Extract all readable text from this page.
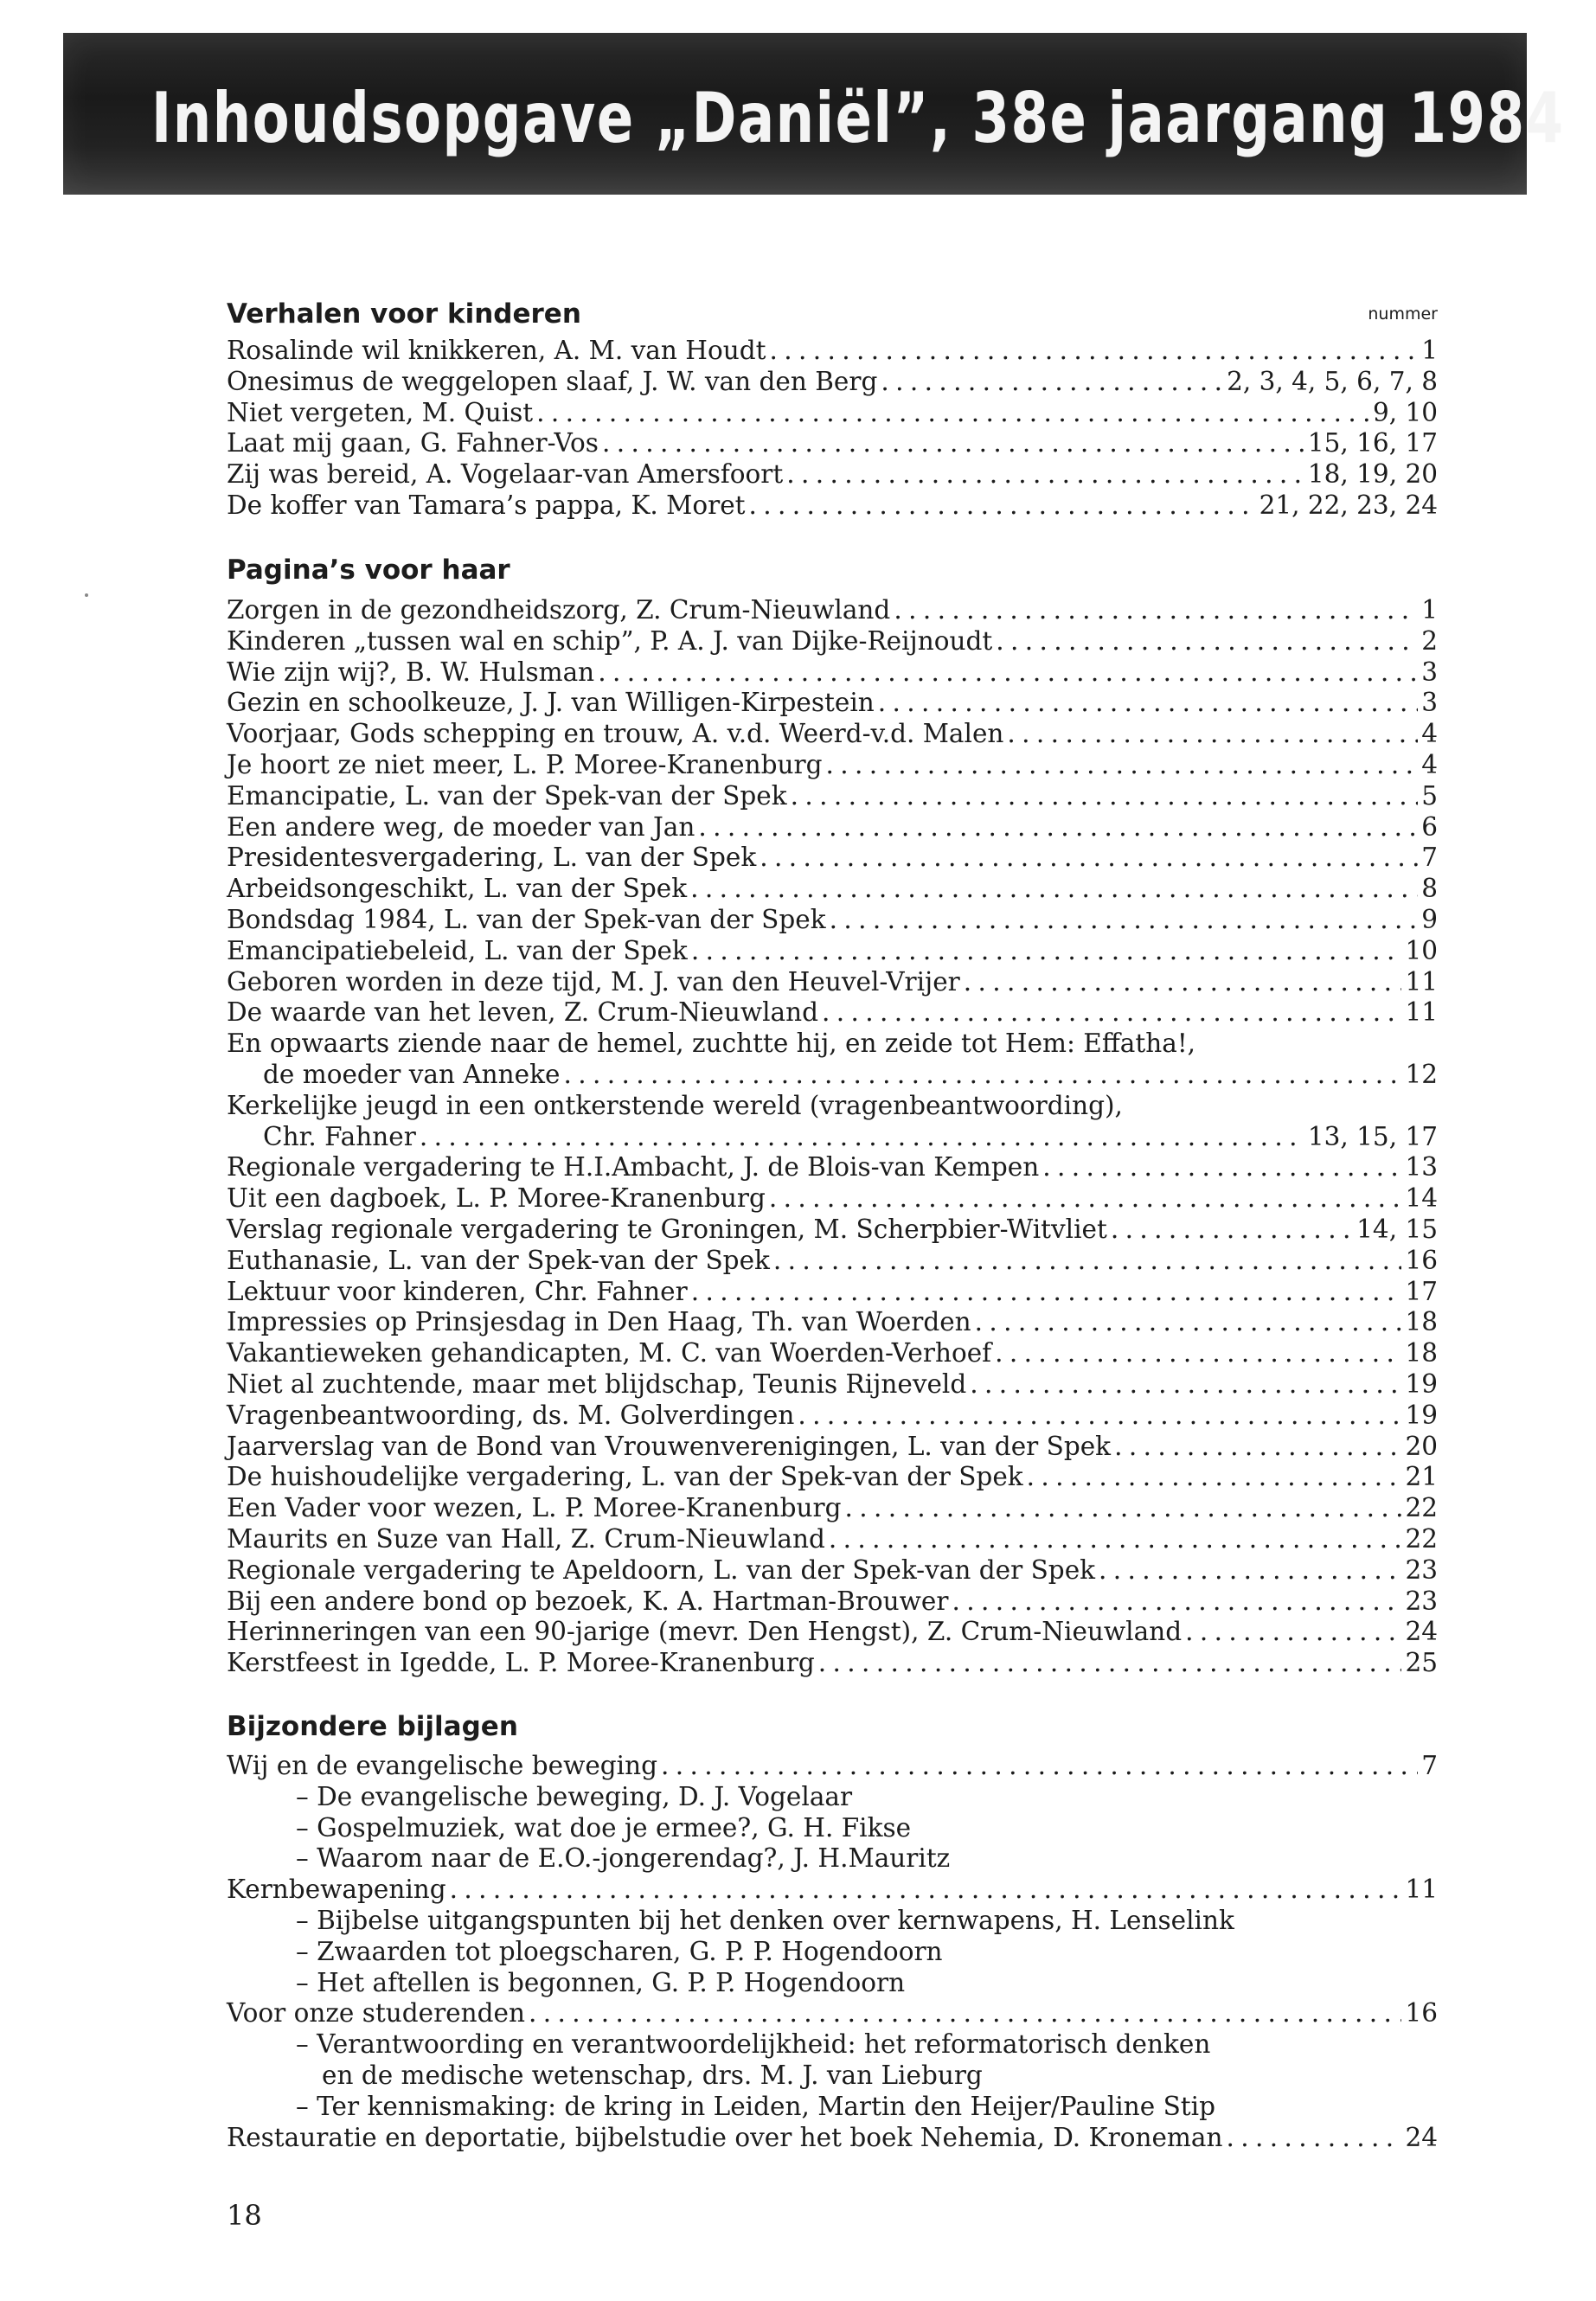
Inhoudsopgave „Daniël”, 38e jaargang 1984
Verhalen voor kinderen	nummer
Rosalinde wil knikkeren, A. M. van Houdt . . .	1
Onesimus de weggelopen slaaf, J. W. van den Berg . . .	2, 3, 4, 5, 6, 7, 8
Niet vergeten, M. Quist . . .	9, 10
Laat mij gaan, G. Fahner-Vos . . .	15, 16, 17
Zij was bereid, A. Vogelaar-van Amersfoort . . .	18, 19, 20
De koffer van Tamara’s pappa, K. Moret . . .	21, 22, 23, 24
Pagina’s voor haar
Zorgen in de gezondheidszorg, Z. Crum-Nieuwland . . .	1
Kinderen „tussen wal en schip”, P. A. J. van Dijke-Reijnoudt . . .	2
Wie zijn wij?, B. W. Hulsman . . .	3
Gezin en schoolkeuze, J. J. van Willigen-Kirpestein . . .	3
Voorjaar, Gods schepping en trouw, A. v.d. Weerd-v.d. Malen . . .	4
Je hoort ze niet meer, L. P. Moree-Kranenburg . . .	4
Emancipatie, L. van der Spek-van der Spek . . .	5
Een andere weg, de moeder van Jan . . .	6
Presidentesvergadering, L. van der Spek . . .	7
Arbeidsongeschikt, L. van der Spek . . .	8
Bondsdag 1984, L. van der Spek-van der Spek . . .	9
Emancipatiebeleid, L. van der Spek . . .	10
Geboren worden in deze tijd, M. J. van den Heuvel-Vrijer . . .	11
De waarde van het leven, Z. Crum-Nieuwland . . .	11
En opwaarts ziende naar de hemel, zuchtte hij, en zeide tot Hem: Effatha!,
de moeder van Anneke . . .	12
Kerkelijke jeugd in een ontkerstende wereld (vragenbeantwoording),
Chr. Fahner . . .	13, 15, 17
Regionale vergadering te H.I.Ambacht, J. de Blois-van Kempen . . .	13
Uit een dagboek, L. P. Moree-Kranenburg . . .	14
Verslag regionale vergadering te Groningen, M. Scherpbier-Witvliet . . .	14, 15
Euthanasie, L. van der Spek-van der Spek . . .	16
Lektuur voor kinderen, Chr. Fahner . . .	17
Impressies op Prinsjesdag in Den Haag, Th. van Woerden . . .	18
Vakantieweken gehandicapten, M. C. van Woerden-Verhoef . . .	18
Niet al zuchtende, maar met blijdschap, Teunis Rijneveld . . .	19
Vragenbeantwoording, ds. M. Golverdingen . . .	19
Jaarverslag van de Bond van Vrouwenverenigingen, L. van der Spek . . .	20
De huishoudelijke vergadering, L. van der Spek-van der Spek . . .	21
Een Vader voor wezen, L. P. Moree-Kranenburg . . .	22
Maurits en Suze van Hall, Z. Crum-Nieuwland . . .	22
Regionale vergadering te Apeldoorn, L. van der Spek-van der Spek . . .	23
Bij een andere bond op bezoek, K. A. Hartman-Brouwer . . .	23
Herinneringen van een 90-jarige (mevr. Den Hengst), Z. Crum-Nieuwland . . .	24
Kerstfeest in Igedde, L. P. Moree-Kranenburg . . .	25
Bijzondere bijlagen
Wij en de evangelische beweging . . .	7
– De evangelische beweging, D. J. Vogelaar
– Gospelmuziek, wat doe je ermee?, G. H. Fikse
– Waarom naar de E.O.-jongerendag?, J. H.Mauritz
Kernbewapening . . .	11
– Bijbelse uitgangspunten bij het denken over kernwapens, H. Lenselink
– Zwaarden tot ploegscharen, G. P. P. Hogendoorn
– Het aftellen is begonnen, G. P. P. Hogendoorn
Voor onze studerenden . . .	16
– Verantwoording en verantwoordelijkheid: het reformatorisch denken
en de medische wetenschap, drs. M. J. van Lieburg
– Ter kennismaking: de kring in Leiden, Martin den Heijer/Pauline Stip
Restauratie en deportatie, bijbelstudie over het boek Nehemia, D. Kroneman . . .	24
18
